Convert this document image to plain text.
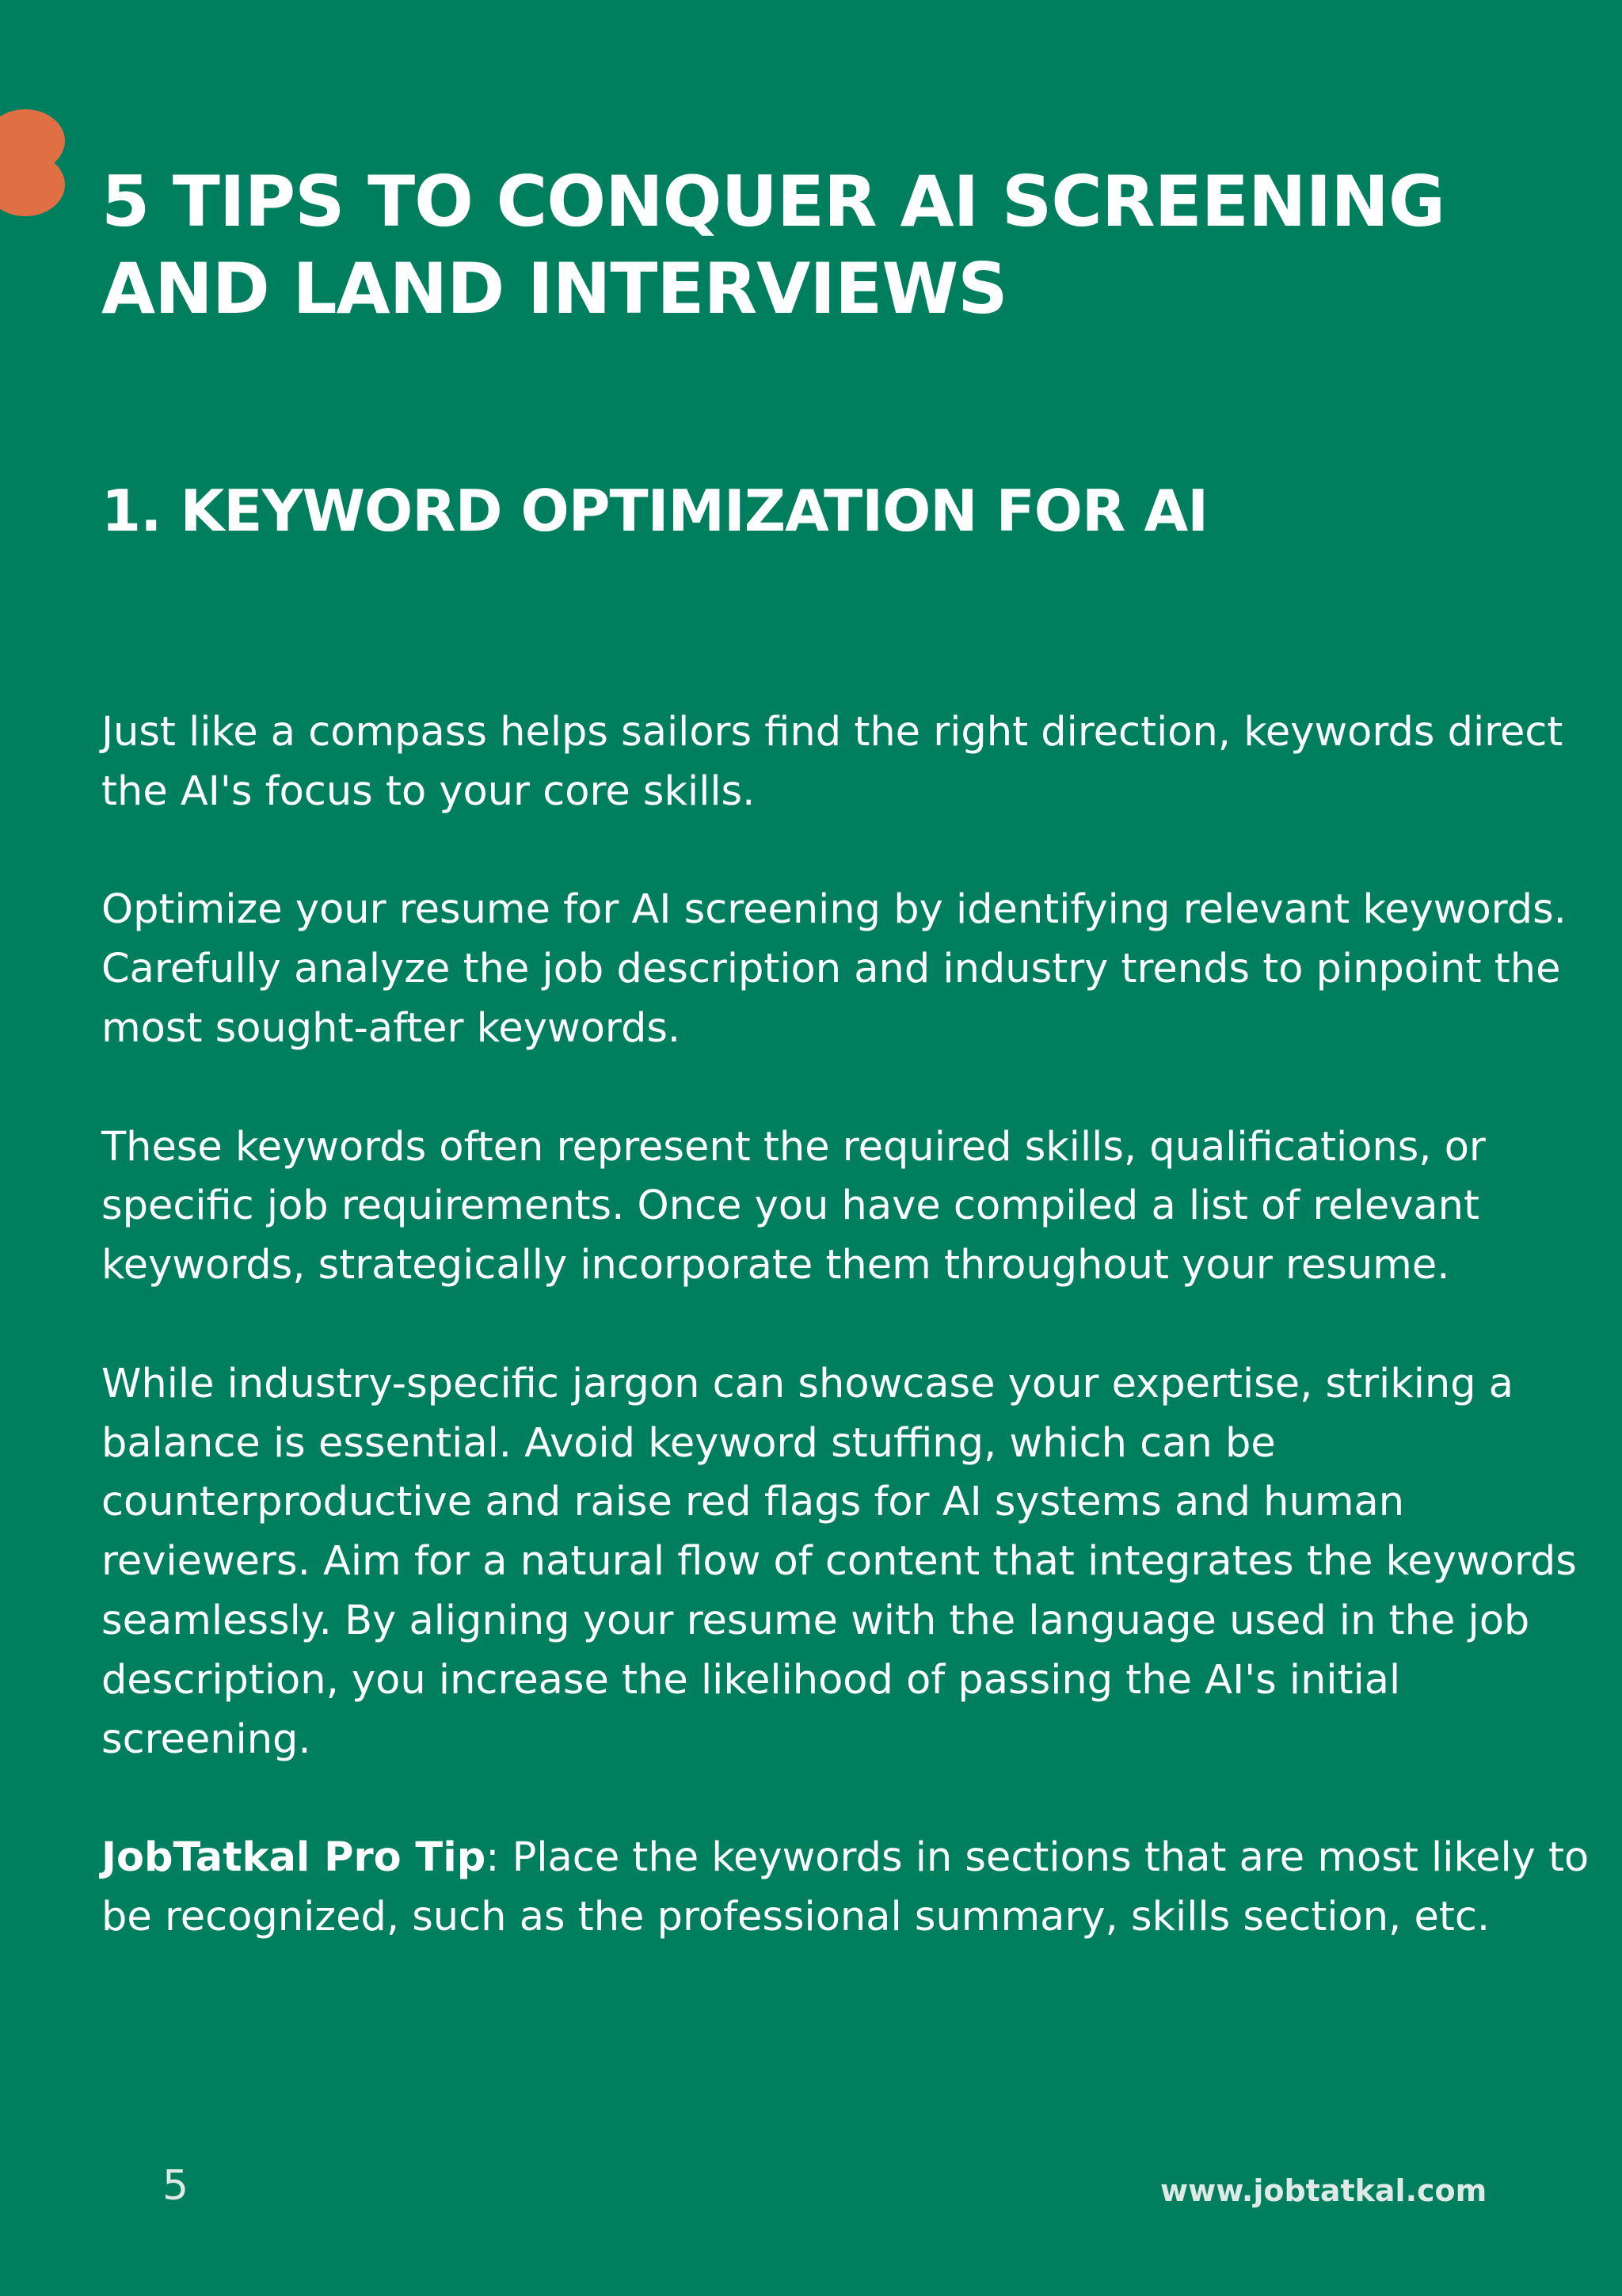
5 TIPS TO CONQUER AI SCREENING AND LAND INTERVIEWS
1. KEYWORD OPTIMIZATION FOR AI

Just like a compass helps sailors find the right direction, keywords direct the AI's focus to your core skills.

Optimize your resume for AI screening by identifying relevant keywords. Carefully analyze the job description and industry trends to pinpoint the most sought-after keywords.

These keywords often represent the required skills, qualifications, or specific job requirements. Once you have compiled a list of relevant keywords, strategically incorporate them throughout your resume.

While industry-specific jargon can showcase your expertise, striking a balance is essential. Avoid keyword stuffing, which can be counterproductive and raise red flags for AI systems and human reviewers. Aim for a natural flow of content that integrates the keywords seamlessly. By aligning your resume with the language used in the job description, you increase the likelihood of passing the AI's initial screening.

JobTatkal Pro Tip: Place the keywords in sections that are most likely to be recognized, such as the professional summary, skills section, etc.

5	www.jobtatkal.com
